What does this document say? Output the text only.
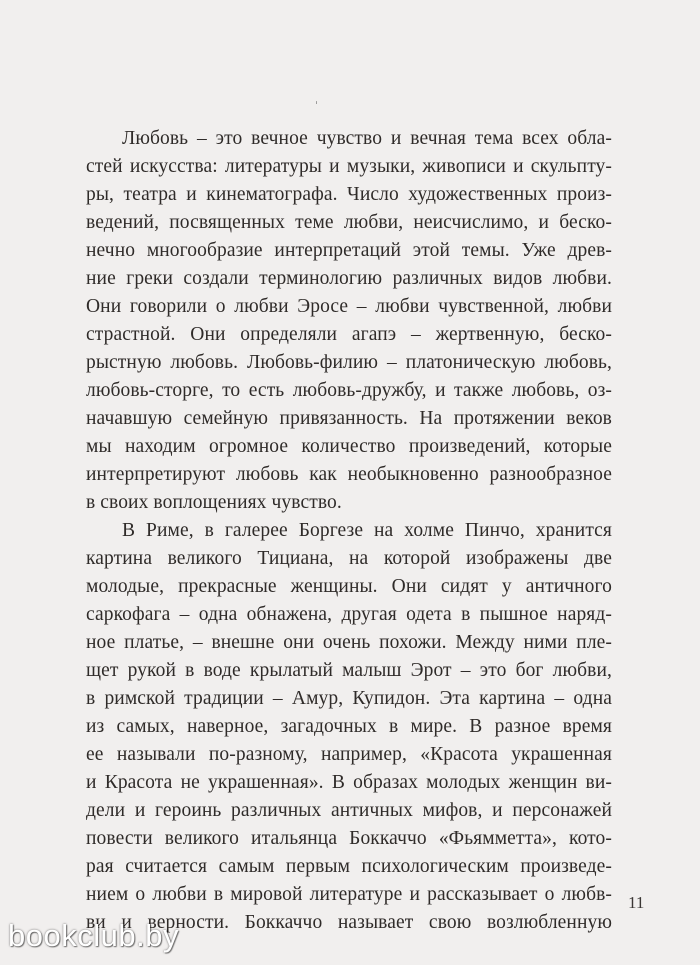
Любовь – это вечное чувство и вечная тема всех обла-
стей искусства: литературы и музыки, живописи и скульпту-
ры, театра и кинематографа. Число художественных произ-
ведений, посвященных теме любви, неисчислимо, и беско-
нечно многообразие интерпретаций этой темы. Уже древ-
ние греки создали терминологию различных видов любви.
Они говорили о любви Эросе – любви чувственной, любви
страстной. Они определяли агапэ – жертвенную, беско-
рыстную любовь. Любовь-филию – платоническую любовь,
любовь-сторге, то есть любовь-дружбу, и также любовь, оз-
начавшую семейную привязанность. На протяжении веков
мы находим огромное количество произведений, которые
интерпретируют любовь как необыкновенно разнообразное
в своих воплощениях чувство.
В Риме, в галерее Боргезе на холме Пинчо, хранится
картина великого Тициана, на которой изображены две
молодые, прекрасные женщины. Они сидят у античного
саркофага – одна обнажена, другая одета в пышное наряд-
ное платье, – внешне они очень похожи. Между ними пле-
щет рукой в воде крылатый малыш Эрот – это бог любви,
в римской традиции – Амур, Купидон. Эта картина – одна
из самых, наверное, загадочных в мире. В разное время
ее называли по-разному, например, «Красота украшенная
и Красота не украшенная». В образах молодых женщин ви-
дели и героинь различных античных мифов, и персонажей
повести великого итальянца Боккаччо «Фьямметта», кото-
рая считается самым первым психологическим произведе-
нием о любви в мировой литературе и рассказывает о любв-
ви и верности. Боккаччо называет свою возлюбленную
11
bookclub.by
